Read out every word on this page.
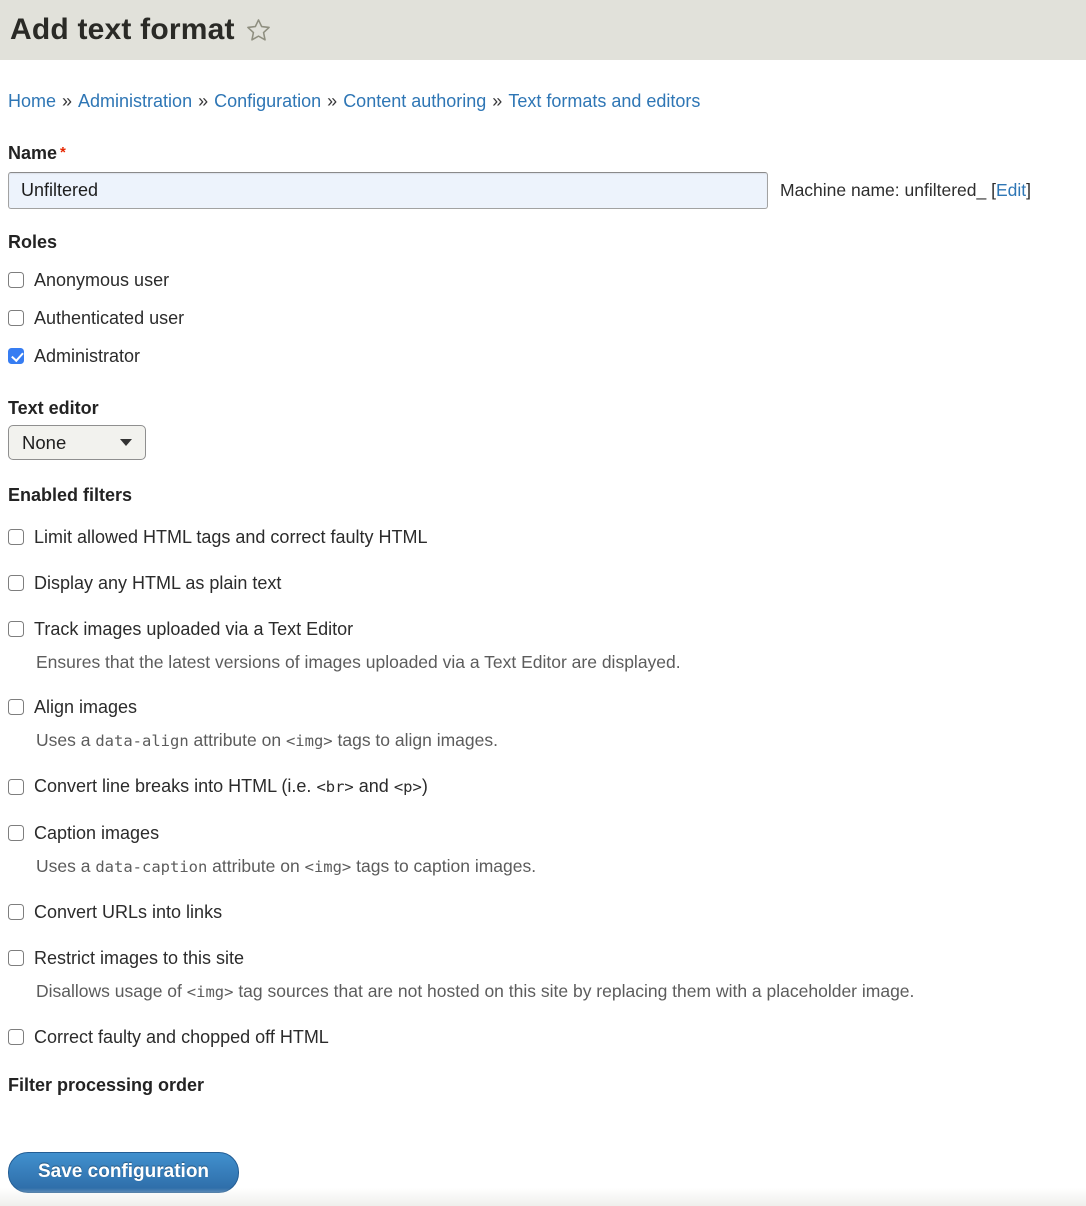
Add text format
Home » Administration » Configuration » Content authoring » Text formats and editors
Name *
Unfiltered
Machine name: unfiltered_ [Edit]
Roles
Anonymous user
Authenticated user
Administrator
Text editor
None
Enabled filters
Limit allowed HTML tags and correct faulty HTML
Display any HTML as plain text
Track images uploaded via a Text Editor
Ensures that the latest versions of images uploaded via a Text Editor are displayed.
Align images
Uses a data-align attribute on <img> tags to align images.
Convert line breaks into HTML (i.e. <br> and <p>)
Caption images
Uses a data-caption attribute on <img> tags to caption images.
Convert URLs into links
Restrict images to this site
Disallows usage of <img> tag sources that are not hosted on this site by replacing them with a placeholder image.
Correct faulty and chopped off HTML
Filter processing order
Save configuration
